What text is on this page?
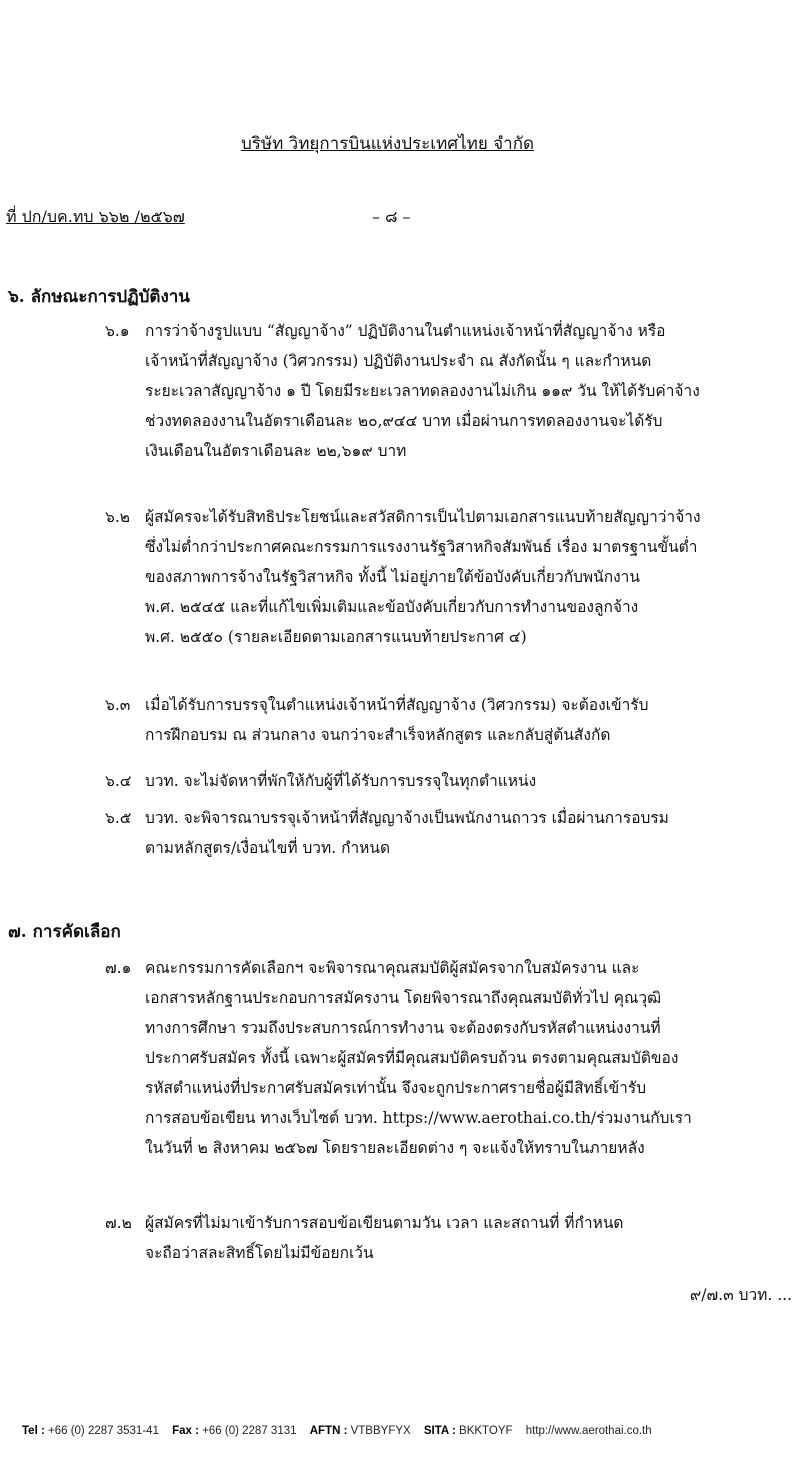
บริษัท วิทยุการบินแห่งประเทศไทย จำกัด
ที่ ปก/บค.ทบ ๖๖๒ /๒๕๖๗	– ๘ –
๖. ลักษณะการปฏิบัติงาน
๖.๑ การว่าจ้างรูปแบบ “สัญญาจ้าง” ปฏิบัติงานในตำแหน่งเจ้าหน้าที่สัญญาจ้าง หรือ
เจ้าหน้าที่สัญญาจ้าง (วิศวกรรม) ปฏิบัติงานประจำ ณ สังกัดนั้น ๆ และกำหนด
ระยะเวลาสัญญาจ้าง ๑ ปี โดยมีระยะเวลาทดลองงานไม่เกิน ๑๑๙ วัน ให้ได้รับค่าจ้าง
ช่วงทดลองงานในอัตราเดือนละ ๒๐,๙๔๔ บาท เมื่อผ่านการทดลองงานจะได้รับ
เงินเดือนในอัตราเดือนละ ๒๒,๖๑๙ บาท
๖.๒ ผู้สมัครจะได้รับสิทธิประโยชน์และสวัสดิการเป็นไปตามเอกสารแนบท้ายสัญญาว่าจ้าง
ซึ่งไม่ต่ำกว่าประกาศคณะกรรมการแรงงานรัฐวิสาหกิจสัมพันธ์ เรื่อง มาตรฐานขั้นต่ำ
ของสภาพการจ้างในรัฐวิสาหกิจ ทั้งนี้ ไม่อยู่ภายใต้ข้อบังคับเกี่ยวกับพนักงาน
พ.ศ. ๒๕๔๕ และที่แก้ไขเพิ่มเติมและข้อบังคับเกี่ยวกับการทำงานของลูกจ้าง
พ.ศ. ๒๕๕๐ (รายละเอียดตามเอกสารแนบท้ายประกาศ ๔)
๖.๓ เมื่อได้รับการบรรจุในตำแหน่งเจ้าหน้าที่สัญญาจ้าง (วิศวกรรม) จะต้องเข้ารับ
การฝึกอบรม ณ ส่วนกลาง จนกว่าจะสำเร็จหลักสูตร และกลับสู่ต้นสังกัด
๖.๔ บวท. จะไม่จัดหาที่พักให้กับผู้ที่ได้รับการบรรจุในทุกตำแหน่ง
๖.๕ บวท. จะพิจารณาบรรจุเจ้าหน้าที่สัญญาจ้างเป็นพนักงานถาวร เมื่อผ่านการอบรม
ตามหลักสูตร/เงื่อนไขที่ บวท. กำหนด
๗. การคัดเลือก
๗.๑ คณะกรรมการคัดเลือกฯ จะพิจารณาคุณสมบัติผู้สมัครจากใบสมัครงาน และ
เอกสารหลักฐานประกอบการสมัครงาน โดยพิจารณาถึงคุณสมบัติทั่วไป คุณวุฒิ
ทางการศึกษา รวมถึงประสบการณ์การทำงาน จะต้องตรงกับรหัสตำแหน่งงานที่
ประกาศรับสมัคร ทั้งนี้ เฉพาะผู้สมัครที่มีคุณสมบัติครบถ้วน ตรงตามคุณสมบัติของ
รหัสตำแหน่งที่ประกาศรับสมัครเท่านั้น จึงจะถูกประกาศรายชื่อผู้มีสิทธิ์เข้ารับ
การสอบข้อเขียน ทางเว็บไซต์ บวท. https://www.aerothai.co.th/ร่วมงานกับเรา
ในวันที่ ๒ สิงหาคม ๒๕๖๗ โดยรายละเอียดต่าง ๆ จะแจ้งให้ทราบในภายหลัง
๗.๒ ผู้สมัครที่ไม่มาเข้ารับการสอบข้อเขียนตามวัน เวลา และสถานที่ ที่กำหนด
จะถือว่าสละสิทธิ์โดยไม่มีข้อยกเว้น
๙/๗.๓ บวท. ...
Tel : +66 (0) 2287 3531-41 Fax : +66 (0) 2287 3131 AFTN : VTBBYFYX SITA : BKKTOYF http://www.aerothai.co.th
